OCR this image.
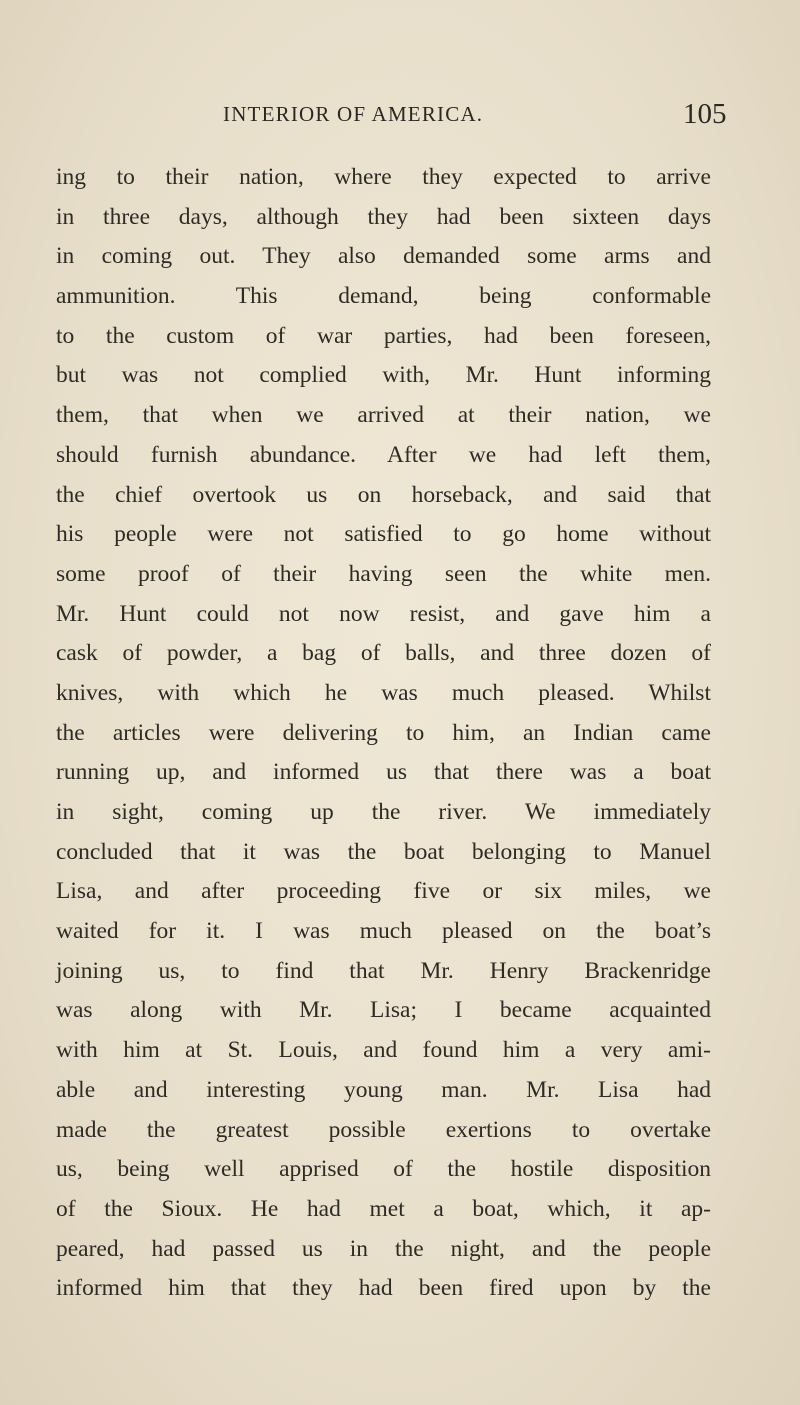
INTERIOR OF AMERICA.	105
ing to their nation, where they expected to arrive
in three days, although they had been sixteen days
in coming out. They also demanded some arms and
ammunition. This demand, being conformable
to the custom of war parties, had been foreseen,
but was not complied with, Mr. Hunt informing
them, that when we arrived at their nation, we
should furnish abundance. After we had left them,
the chief overtook us on horseback, and said that
his people were not satisfied to go home without
some proof of their having seen the white men.
Mr. Hunt could not now resist, and gave him a
cask of powder, a bag of balls, and three dozen of
knives, with which he was much pleased. Whilst
the articles were delivering to him, an Indian came
running up, and informed us that there was a boat
in sight, coming up the river. We immediately
concluded that it was the boat belonging to Manuel
Lisa, and after proceeding five or six miles, we
waited for it. I was much pleased on the boat’s
joining us, to find that Mr. Henry Brackenridge
was along with Mr. Lisa; I became acquainted
with him at St. Louis, and found him a very ami-
able and interesting young man. Mr. Lisa had
made the greatest possible exertions to overtake
us, being well apprised of the hostile disposition
of the Sioux. He had met a boat, which, it ap-
peared, had passed us in the night, and the people
informed him that they had been fired upon by the
